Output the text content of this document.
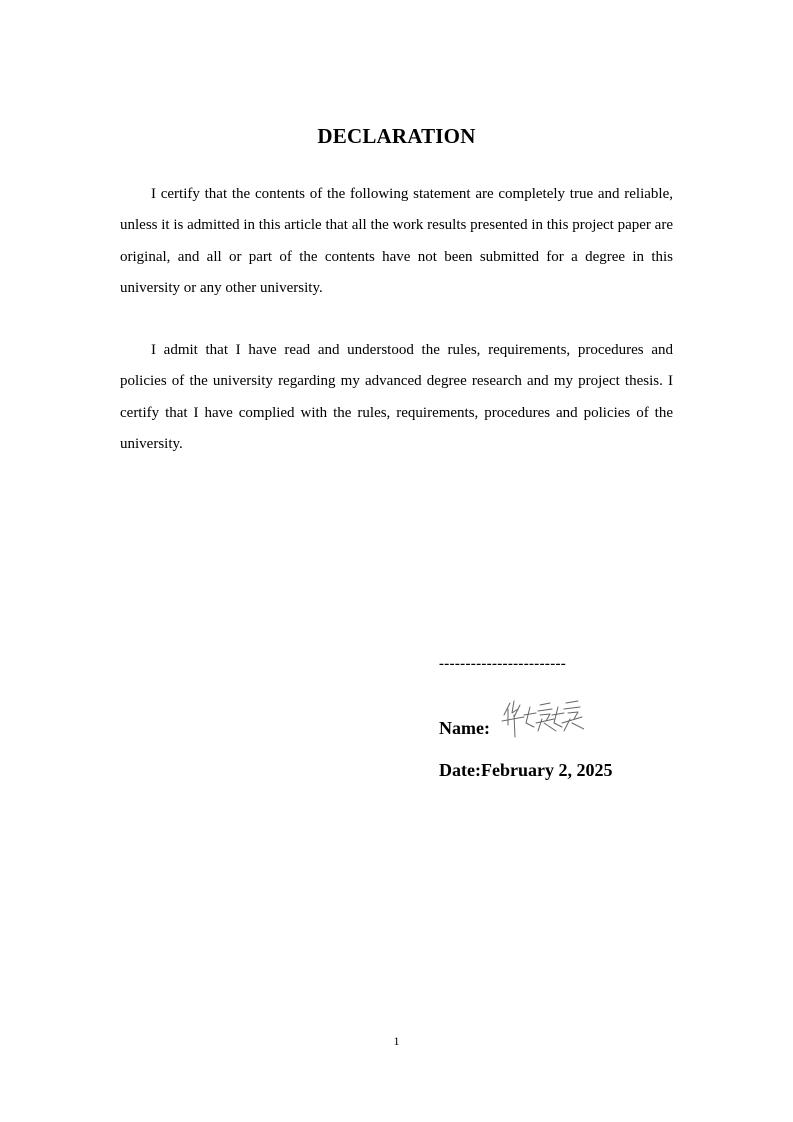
DECLARATION

I certify that the contents of the following statement are completely true and reliable, unless it is admitted in this article that all the work results presented in this project paper are original, and all or part of the contents have not been submitted for a degree in this university or any other university.

I admit that I have read and understood the rules, requirements, procedures and policies of the university regarding my advanced degree research and my project thesis. I certify that I have complied with the rules, requirements, procedures and policies of the university.

------------------------
Name:
Date:February 2, 2025
1
